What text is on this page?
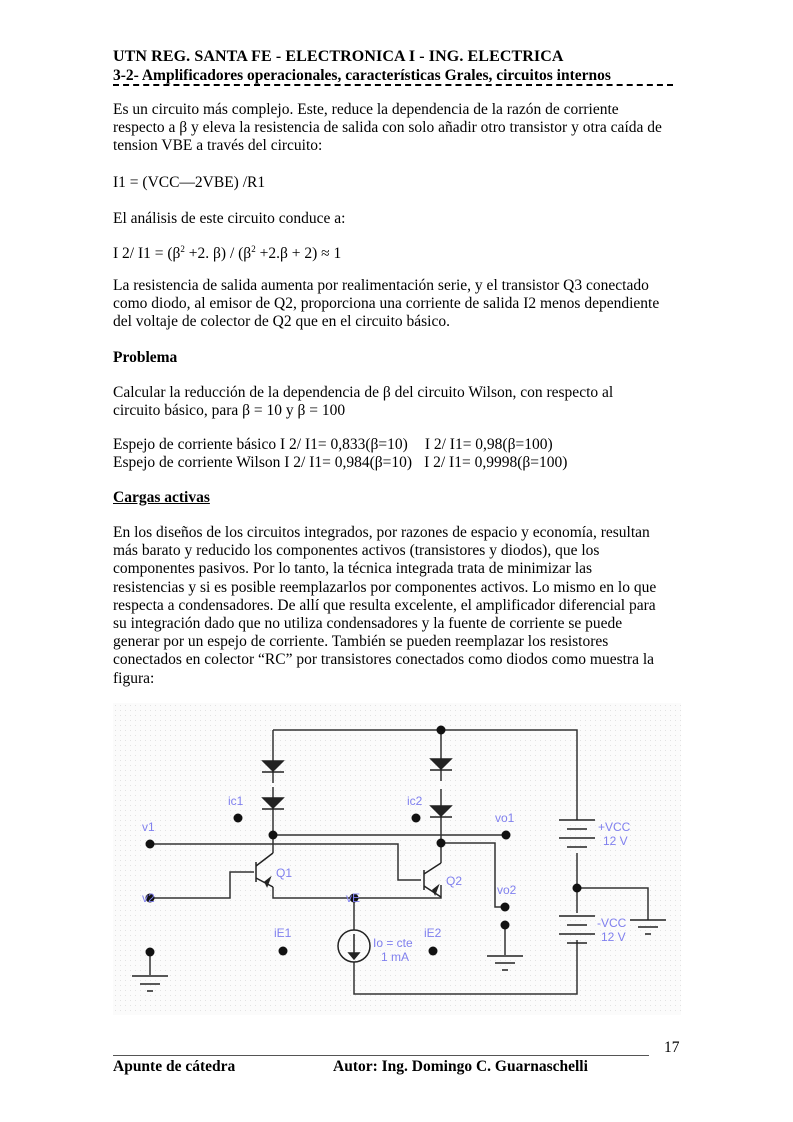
UTN REG. SANTA FE - ELECTRONICA I - ING. ELECTRICA
3-2- Amplificadores operacionales, características Grales, circuitos internos
Es un circuito más complejo. Este, reduce la dependencia de la razón de corriente
respecto a β y eleva la resistencia de salida con solo añadir otro transistor y otra caída de
tension VBE a través del circuito:
I1 = (VCC—2VBE) /R1
El análisis de este circuito conduce a:
I 2/ $I1 = (\beta^2 +2$. $\beta) / (\beta^2 +2.\beta + 2) \approx 1$
La resistencia de salida aumenta por realimentación serie, y el transistor Q3 conectado
como diodo, al emisor de Q2, proporciona una corriente de salida I2 menos dependiente
del voltaje de colector de Q2 que en el circuito básico.
Problema
Calcular la reducción de la dependencia de β del circuito Wilson, con respecto al
circuito básico, para β = 10 y β = 100
Espejo de corriente básico I 2/ I1= 0,833(β=10) I 2/ I1= 0,98(β=100)
Espejo de corriente Wilson I 2/ I1= 0,984(β=10) I 2/ I1= 0,9998(β=100)
Cargas activas
En los diseños de los circuitos integrados, por razones de espacio y economía, resultan
más barato y reducido los componentes activos (transistores y diodos), que los
componentes pasivos. Por lo tanto, la técnica integrada trata de minimizar las
resistencias y si es posible reemplazarlos por componentes activos. Lo mismo en lo que
respecta a condensadores. De allí que resulta excelente, el amplificador diferencial para
su integración dado que no utiliza condensadores y la fuente de corriente se puede
generar por un espejo de corriente. También se pueden reemplazar los resistores
conectados en colector “RC” por transistores conectados como diodos como muestra la
figura:
ic1	ic2
v1
vo1
v2	vE
vo2
Q1
Q2
iE1	iE2
Io = cte
1 mA
+VCC
12 V
-VCC
12 V
17
Apunte de cátedra	Autor: Ing. Domingo C. Guarnaschelli
